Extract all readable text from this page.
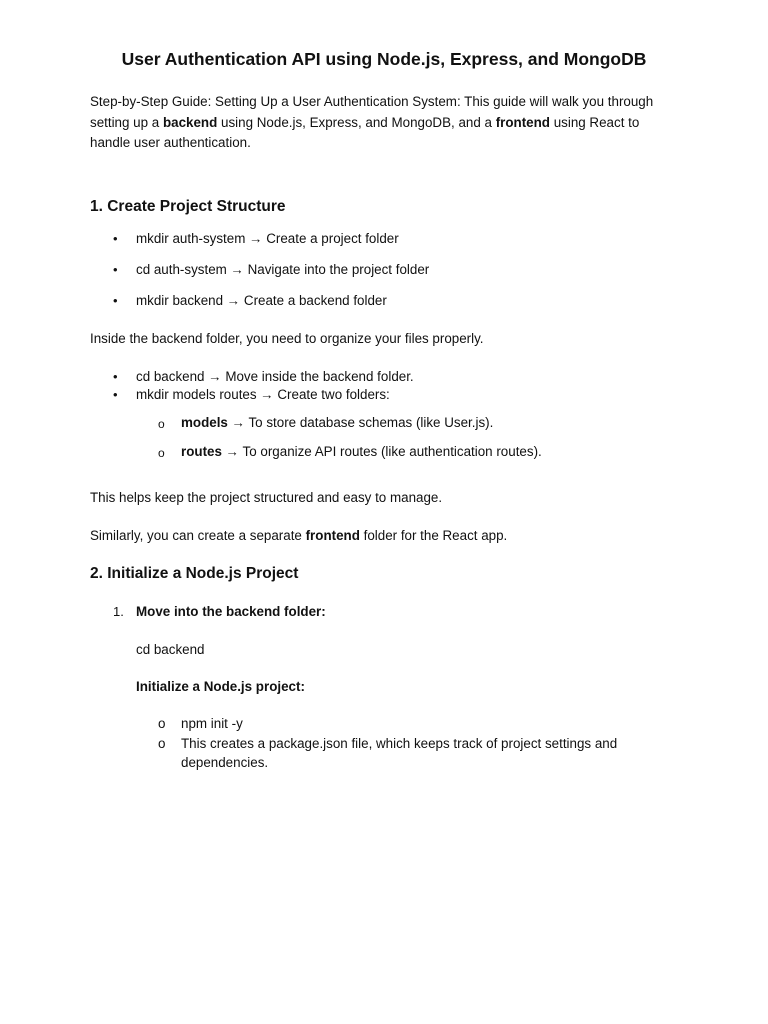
User Authentication API using Node.js, Express, and MongoDB

Step-by-Step Guide: Setting Up a User Authentication System: This guide will walk you through setting up a backend using Node.js, Express, and MongoDB, and a frontend using React to handle user authentication.

1. Create Project Structure
• mkdir auth-system → Create a project folder

• cd auth-system → Navigate into the project folder

• mkdir backend → Create a backend folder

Inside the backend folder, you need to organize your files properly.

• cd backend → Move inside the backend folder.

• mkdir models routes → Create two folders:

o models → To store database schemas (like User.js).

o routes → To organize API routes (like authentication routes).

This helps keep the project structured and easy to manage.

Similarly, you can create a separate frontend folder for the React app.

2. Initialize a Node.js Project
1. Move into the backend folder:

cd backend

Initialize a Node.js project:

o npm init -y

o This creates a package.json file, which keeps track of project settings and

dependencies.
